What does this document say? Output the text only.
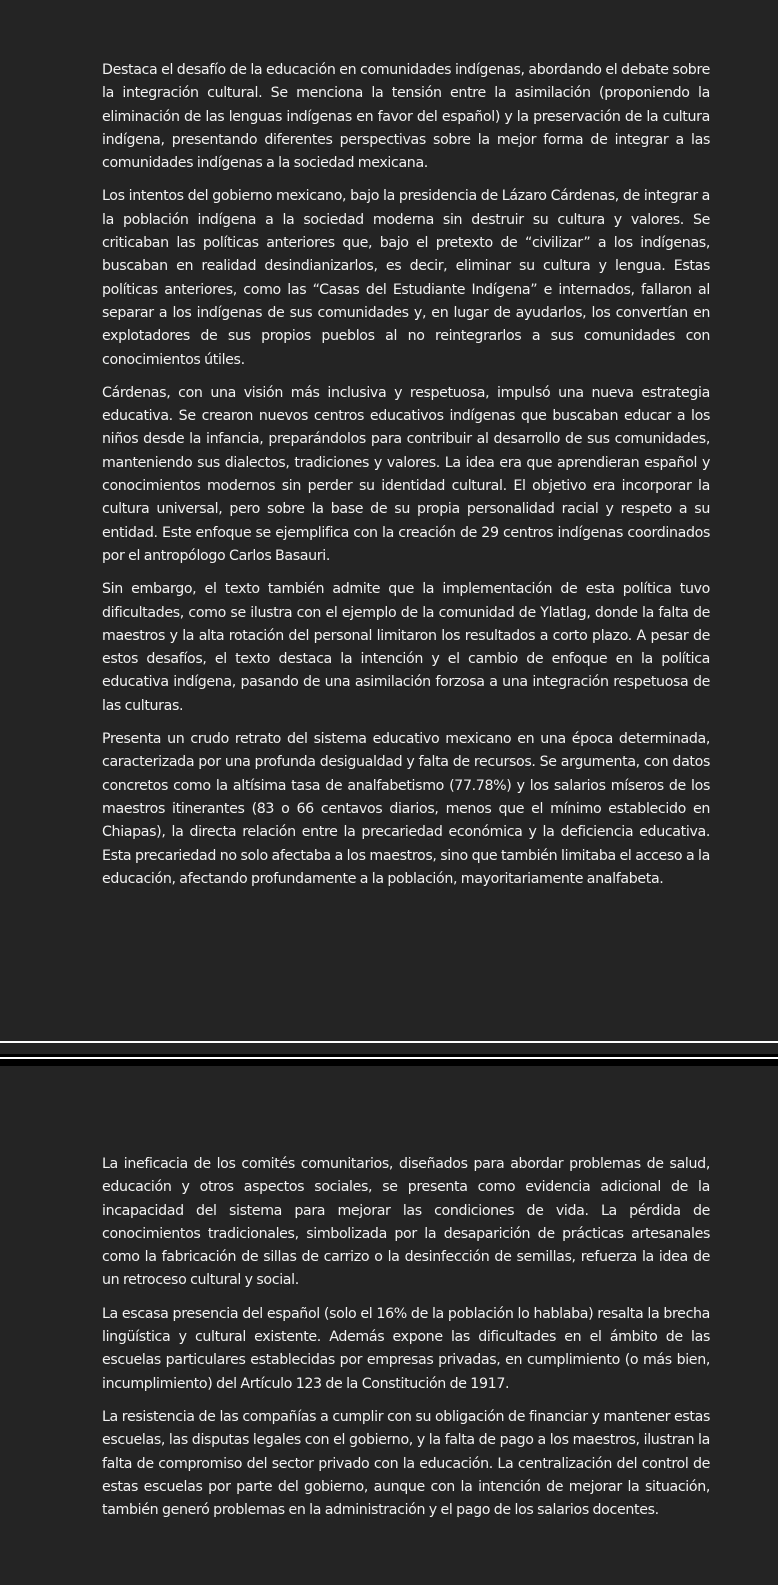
Destaca el desafío de la educación en comunidades indígenas, abordando el debate sobre la integración cultural. Se menciona la tensión entre la asimilación (proponiendo la eliminación de las lenguas indígenas en favor del español) y la preservación de la cultura indígena, presentando diferentes perspectivas sobre la mejor forma de integrar a las comunidades indígenas a la sociedad mexicana.

Los intentos del gobierno mexicano, bajo la presidencia de Lázaro Cárdenas, de integrar a la población indígena a la sociedad moderna sin destruir su cultura y valores. Se criticaban las políticas anteriores que, bajo el pretexto de “civilizar” a los indígenas, buscaban en realidad desindianizarlos, es decir, eliminar su cultura y lengua. Estas políticas anteriores, como las “Casas del Estudiante Indígena” e internados, fallaron al separar a los indígenas de sus comunidades y, en lugar de ayudarlos, los convertían en explotadores de sus propios pueblos al no reintegrarlos a sus comunidades con conocimientos útiles.

Cárdenas, con una visión más inclusiva y respetuosa, impulsó una nueva estrategia educativa. Se crearon nuevos centros educativos indígenas que buscaban educar a los niños desde la infancia, preparándolos para contribuir al desarrollo de sus comunidades, manteniendo sus dialectos, tradiciones y valores. La idea era que aprendieran español y conocimientos modernos sin perder su identidad cultural. El objetivo era incorporar la cultura universal, pero sobre la base de su propia personalidad racial y respeto a su entidad. Este enfoque se ejemplifica con la creación de 29 centros indígenas coordinados por el antropólogo Carlos Basauri.

Sin embargo, el texto también admite que la implementación de esta política tuvo dificultades, como se ilustra con el ejemplo de la comunidad de Ylatlag, donde la falta de maestros y la alta rotación del personal limitaron los resultados a corto plazo. A pesar de estos desafíos, el texto destaca la intención y el cambio de enfoque en la política educativa indígena, pasando de una asimilación forzosa a una integración respetuosa de las culturas.

Presenta un crudo retrato del sistema educativo mexicano en una época determinada, caracterizada por una profunda desigualdad y falta de recursos. Se argumenta, con datos concretos como la altísima tasa de analfabetismo (77.78%) y los salarios míseros de los maestros itinerantes (83 o 66 centavos diarios, menos que el mínimo establecido en Chiapas), la directa relación entre la precariedad económica y la deficiencia educativa. Esta precariedad no solo afectaba a los maestros, sino que también limitaba el acceso a la educación, afectando profundamente a la población, mayoritariamente analfabeta.

La ineficacia de los comités comunitarios, diseñados para abordar problemas de salud, educación y otros aspectos sociales, se presenta como evidencia adicional de la incapacidad del sistema para mejorar las condiciones de vida. La pérdida de conocimientos tradicionales, simbolizada por la desaparición de prácticas artesanales como la fabricación de sillas de carrizo o la desinfección de semillas, refuerza la idea de un retroceso cultural y social.

La escasa presencia del español (solo el 16% de la población lo hablaba) resalta la brecha lingüística y cultural existente. Además expone las dificultades en el ámbito de las escuelas particulares establecidas por empresas privadas, en cumplimiento (o más bien, incumplimiento) del Artículo 123 de la Constitución de 1917.

La resistencia de las compañías a cumplir con su obligación de financiar y mantener estas escuelas, las disputas legales con el gobierno, y la falta de pago a los maestros, ilustran la falta de compromiso del sector privado con la educación. La centralización del control de estas escuelas por parte del gobierno, aunque con la intención de mejorar la situación, también generó problemas en la administración y el pago de los salarios docentes.
